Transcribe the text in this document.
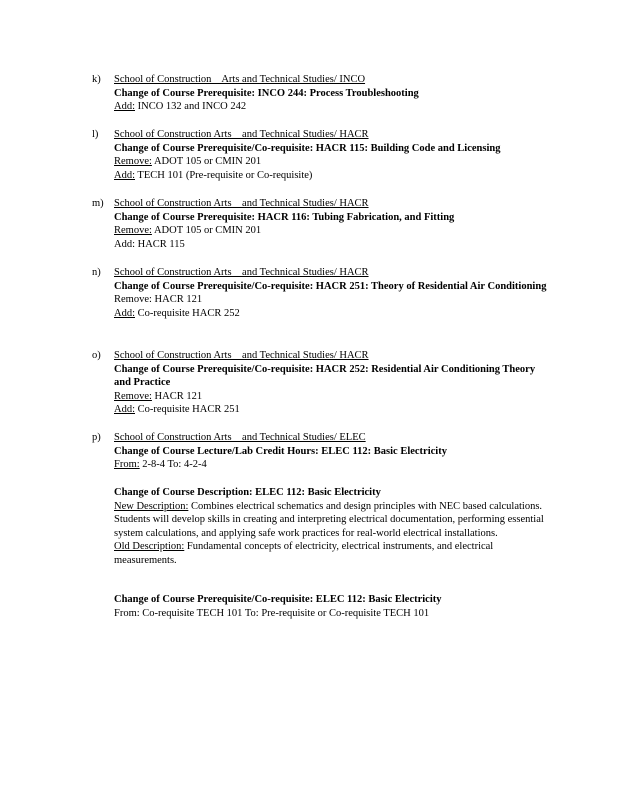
k)	School of Construction    Arts and Technical Studies/ INCO
Change of Course Prerequisite: INCO 244: Process Troubleshooting
Add: INCO 132 and INCO 242
l)	School of Construction Arts    and Technical Studies/ HACR
Change of Course Prerequisite/Co-requisite: HACR 115: Building Code and Licensing
Remove: ADOT 105 or CMIN 201
Add: TECH 101 (Pre-requisite or Co-requisite)
m) School of Construction Arts    and Technical Studies/ HACR
Change of Course Prerequisite: HACR 116: Tubing Fabrication, and Fitting
Remove: ADOT 105 or CMIN 201
Add: HACR 115
n)	School of Construction Arts    and Technical Studies/ HACR
Change of Course Prerequisite/Co-requisite: HACR 251: Theory of Residential Air Conditioning
Remove: HACR 121
Add: Co-requisite HACR 252
o)	School of Construction Arts    and Technical Studies/ HACR
Change of Course Prerequisite/Co-requisite: HACR 252: Residential Air Conditioning Theory and Practice
Remove: HACR 121
Add: Co-requisite HACR 251
p)	School of Construction Arts    and Technical Studies/ ELEC
Change of Course Lecture/Lab Credit Hours: ELEC 112: Basic Electricity
From: 2-8-4 To: 4-2-4
Change of Course Description: ELEC 112: Basic Electricity
New Description: Combines electrical schematics and design principles with NEC based calculations. Students will develop skills in creating and interpreting electrical documentation, performing essential system calculations, and applying safe work practices for real-world electrical installations.
Old Description: Fundamental concepts of electricity, electrical instruments, and electrical measurements.
Change of Course Prerequisite/Co-requisite: ELEC 112: Basic Electricity
From: Co-requisite TECH 101 To: Pre-requisite or Co-requisite TECH 101
